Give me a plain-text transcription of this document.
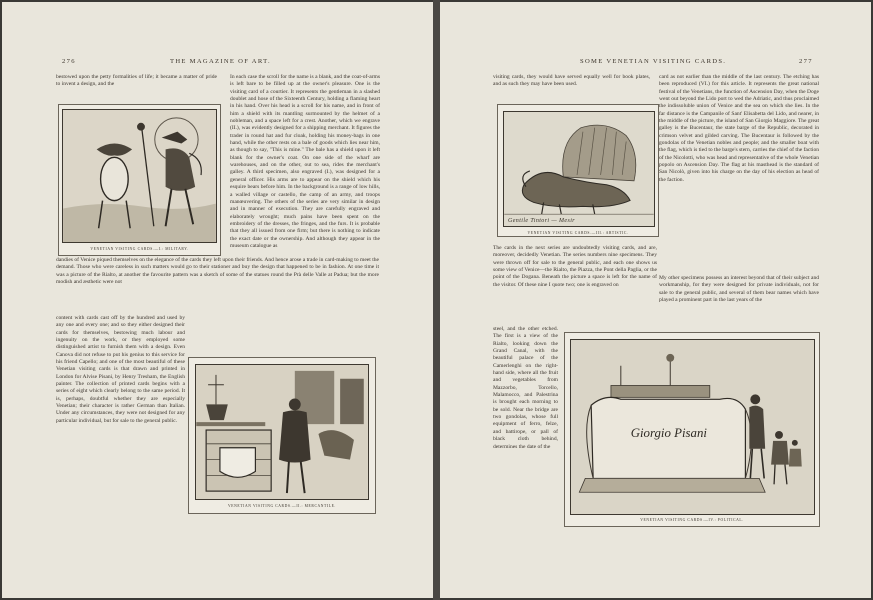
276	THE MAGAZINE OF ART.

bestowed upon the petty formalities of life; it became a matter of pride to invent a design, and the

VENETIAN VISITING CARDS.—I.: MILITARY.

dandies of Venice piqued themselves on the elegance of the cards they left upon their friends. And hence arose a trade in card-making to meet the demand. Those who were careless in such matters would go to their stationer and buy the design that happened to be in fashion. At one time it was a picture of the Rialto, at another the favourite pattern was a sketch of some of the statues round the Prà delle Valle at Padua; but the more modish and æsthetic were not

content with cards cast off by the hundred and used by any one and every one; and so they either designed their cards for themselves, bestowing much labour and ingenuity on the work, or they employed some distinguished artist to furnish them with a design. Even Canova did not refuse to put his genius to this service for his friend Capello; and one of the most beautiful of these Venetian visiting cards is that drawn and printed in London for Alvise Pisani, by Henry Tresham, the English painter. The collection of printed cards begins with a series of eight which clearly belong to the same period. It is, perhaps, doubtful whether they are especially Venetian; their character is rather German than Italian. Under any circumstances, they were not designed for any particular individual, but for sale to the general public.

In each case the scroll for the name is a blank, and the coat-of-arms is left bare to be filled up at the owner's pleasure. One is the visiting card of a courtier. It represents the gentleman in a slashed doublet and hose of the Sixteenth Century, holding a flaming heart in his hand. Over his head is a scroll for his name, and in front of him a shield with its mantling surmounted by the helmet of a nobleman, and a space left for a crest. Another, which we engrave (II.), was evidently designed for a shipping merchant. It figures the trader in round hat and fur cloak, holding his money-bags in one hand, while the other rests on a bale of goods which lies near him, as though to say, "This is mine." The bale has a shield upon it left blank for the owner's coat. On one side of the wharf are warehouses, and on the other, out to sea, rides the merchant's galley. A third specimen, also engraved (I.), was designed for a general officer. His arms are to appear on the shield which his esquire bears before him. In the background is a range of low hills, a walled village or castello, the camp of an army, and troops manœuvering. The others of the series are very similar in design and in manner of execution. They are carefully engraved and elaborately wrought; much pains have been spent on the embroidery of the dresses, the fringes, and the furs. It is probable that they all issued from one firm; but there is nothing to indicate the exact date or the ownership. And although they appear in the museum catalogue as

VENETIAN VISITING CARDS.—II.: MERCANTILE.
SOME VENETIAN VISITING CARDS.	277

visiting cards, they would have served equally well for book plates, and as such they may have been used.

Gentile Tintori — Mesir
VENETIAN VISITING CARDS.—III.: ARTISTIC.

The cards in the next series are undoubtedly visiting cards, and are, moreover, decidedly Venetian. The series numbers nine specimens. They were thrown off for sale to the general public, and each one shows us some view of Venice—the Rialto, the Piazza, the Pont della Paglia, or the point of the Dogana. Beneath the picture a space is left for the name of the visitor. Of these nine I quote two; one is engraved on

steel, and the other etched. The first is a view of the Rialto, looking down the Grand Canal, with the beautiful palace of the Camerlenghi on the right-hand side, where all the fruit and vegetables from Mazzorbo, Torcello, Malamocco, and Palestrina is brought each morning to be sold. Near the bridge are two gondolas, whose full equipment of ferro, felze, and battirope, or pall of black cloth behind, determines the date of the

card as not earlier than the middle of the last century. The etching has been reproduced (VI.) for this article. It represents the great national festival of the Venetians, the function of Ascension Day, when the Doge went out beyond the Lido port to wed the Adriatic, and thus proclaimed the indissoluble union of Venice and the sea on which she lies. In the far distance is the Campanile of Sant' Elisabetta del Lido, and nearer, in the middle of the picture, the island of San Giorgio Maggiore. The great galley is the Bucentaur, the state barge of the Republic, decorated in crimson velvet and gilded carving. The Bucentaur is followed by the gondolas of the Venetian nobles and people; and the smaller boat with the flag, which is tied to the barge's stern, carries the chief of the faction of the Nicolotti, who was head and representative of the whole Venetian popolo on Ascension Day. The flag at his masthead is the standard of San Nicolò, given into his charge on the day of his election as head of the faction.

My other specimens possess an interest beyond that of their subject and workmanship, for they were designed for private individuals, not for sale to the general public, and several of them bear names which have played a prominent part in the last years of the

Giorgio Pisani
VENETIAN VISITING CARDS.—IV.: POLITICAL.
